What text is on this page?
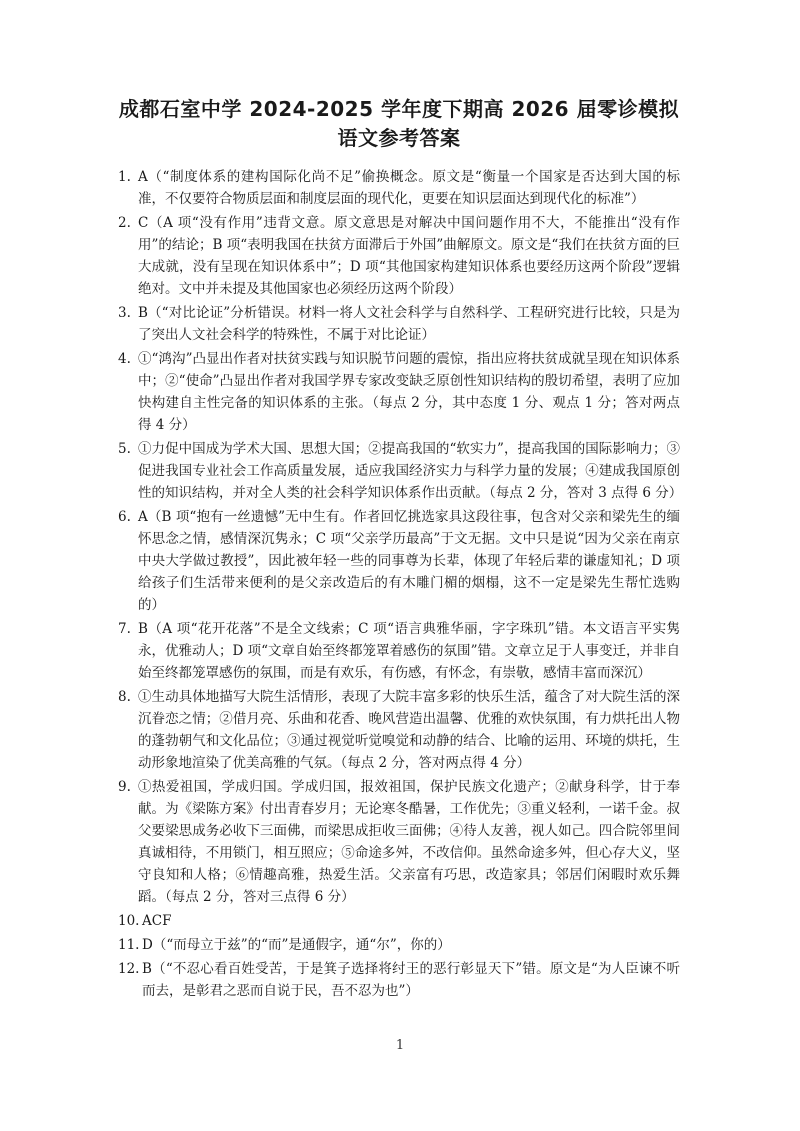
成都石室中学 2024-2025 学年度下期高 2026 届零诊模拟
语文参考答案
1. A（“制度体系的建构国际化尚不足”偷换概念。原文是“衡量一个国家是否达到大国的标准，不仅要符合物质层面和制度层面的现代化，更要在知识层面达到现代化的标准”）
2. C（A 项“没有作用”违背文意。原文意思是对解决中国问题作用不大，不能推出“没有作用”的结论；B 项“表明我国在扶贫方面滞后于外国”曲解原文。原文是“我们在扶贫方面的巨大成就，没有呈现在知识体系中”；D 项“其他国家构建知识体系也要经历这两个阶段”逻辑绝对。文中并未提及其他国家也必须经历这两个阶段）
3. B（“对比论证”分析错误。材料一将人文社会科学与自然科学、工程研究进行比较，只是为了突出人文社会科学的特殊性，不属于对比论证）
4. ①“鸿沟”凸显出作者对扶贫实践与知识脱节问题的震惊，指出应将扶贫成就呈现在知识体系中；②“使命”凸显出作者对我国学界专家改变缺乏原创性知识结构的殷切希望，表明了应加快构建自主性完备的知识体系的主张。（每点 2 分，其中态度 1 分、观点 1 分；答对两点得 4 分）
5. ①力促中国成为学术大国、思想大国；②提高我国的“软实力”，提高我国的国际影响力；③促进我国专业社会工作高质量发展，适应我国经济实力与科学力量的发展；④建成我国原创性的知识结构，并对全人类的社会科学知识体系作出贡献。（每点 2 分，答对 3 点得 6 分）
6. A（B 项“抱有一丝遗憾”无中生有。作者回忆挑选家具这段往事，包含对父亲和梁先生的缅怀思念之情，感情深沉隽永；C 项“父亲学历最高”于文无据。文中只是说“因为父亲在南京中央大学做过教授”，因此被年轻一些的同事尊为长辈，体现了年轻后辈的谦虚知礼；D 项给孩子们生活带来便利的是父亲改造后的有木雕门楣的烟榻，这不一定是梁先生帮忙选购的）
7. B（A 项“花开花落”不是全文线索；C 项“语言典雅华丽，字字珠玑”错。本文语言平实隽永，优雅动人；D 项“文章自始至终都笼罩着感伤的氛围”错。文章立足于人事变迁，并非自始至终都笼罩感伤的氛围，而是有欢乐，有伤感，有怀念，有崇敬，感情丰富而深沉）
8. ①生动具体地描写大院生活情形，表现了大院丰富多彩的快乐生活，蕴含了对大院生活的深沉眷恋之情；②借月亮、乐曲和花香、晚风营造出温馨、优雅的欢快氛围，有力烘托出人物的蓬勃朝气和文化品位；③通过视觉听觉嗅觉和动静的结合、比喻的运用、环境的烘托，生动形象地渲染了优美高雅的气氛。（每点 2 分，答对两点得 4 分）
9. ①热爱祖国，学成归国。学成归国，报效祖国，保护民族文化遗产；②献身科学，甘于奉献。为《梁陈方案》付出青春岁月；无论寒冬酷暑，工作优先；③重义轻利，一诺千金。叔父要梁思成务必收下三面佛，而梁思成拒收三面佛；④待人友善，视人如己。四合院邻里间真诚相待，不用锁门，相互照应；⑤命途多舛，不改信仰。虽然命途多舛，但心存大义，坚守良知和人格；⑥情趣高雅，热爱生活。父亲富有巧思，改造家具；邻居们闲暇时欢乐舞蹈。（每点 2 分，答对三点得 6 分）
10. ACF
11. D（“而母立于兹”的“而”是通假字，通“尔”，你的）
12. B（“不忍心看百姓受苦，于是箕子选择将纣王的恶行彰显天下”错。原文是“为人臣谏不听而去，是彰君之恶而自说于民，吾不忍为也”）
1
